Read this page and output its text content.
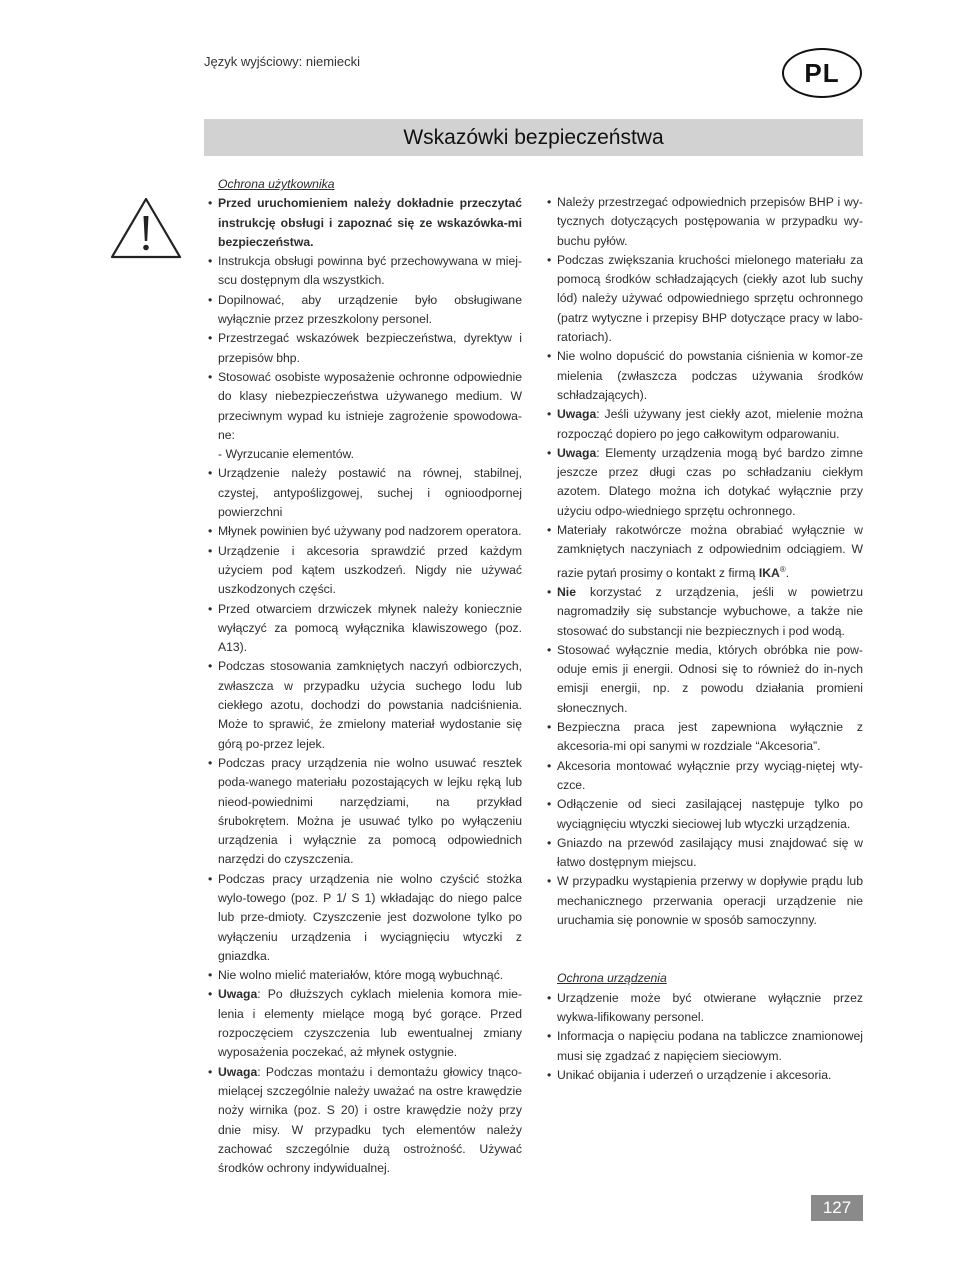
Język wyjściowy: niemiecki	PL
Wskazówki bezpieczeństwa
Ochrona użytkownika

• Przed uruchomieniem należy dokładnie przeczytać instrukcję obsługi i zapoznać się ze wskazówka-mi bezpieczeństwa.

• Instrukcja obsługi powinna być przechowywana w miej-scu dostępnym dla wszystkich.

• Dopilnować, aby urządzenie było obsługiwane wyłącznie przez przeszkolony personel.

• Przestrzegać wskazówek bezpieczeństwa, dyrektyw i przepisów bhp.

• Stosować osobiste wyposażenie ochronne odpowiednie do klasy niebezpieczeństwa używanego medium. W przeciwnym wypad ku istnieje zagrożenie spowodowa-ne:

- Wyrzucanie elementów.

• Urządzenie należy postawić na równej, stabilnej, czystej, antypoślizgowej, suchej i ognioodpornej powierzchni

• Młynek powinien być używany pod nadzorem operatora.

• Urządzenie i akcesoria sprawdzić przed każdym użyciem pod kątem uszkodzeń. Nigdy nie używać uszkodzonych części.

• Przed otwarciem drzwiczek młynek należy koniecznie wyłączyć za pomocą wyłącznika klawiszowego (poz. A13).

• Podczas stosowania zamkniętych naczyń odbiorczych, zwłaszcza w przypadku użycia suchego lodu lub ciekłego azotu, dochodzi do powstania nadciśnienia. Może to sprawić, że zmielony materiał wydostanie się górą po-przez lejek.

• Podczas pracy urządzenia nie wolno usuwać resztek poda-wanego materiału pozostających w lejku ręką lub nieod-powiednimi narzędziami, na przykład śrubokrętem. Można je usuwać tylko po wyłączeniu urządzenia i wyłącznie za pomocą odpowiednich narzędzi do czyszczenia.

• Podczas pracy urządzenia nie wolno czyścić stożka wylo-towego (poz. P 1/ S 1) wkładając do niego palce lub prze-dmioty. Czyszczenie jest dozwolone tylko po wyłączeniu urządzenia i wyciągnięciu wtyczki z gniazdka.

• Nie wolno mielić materiałów, które mogą wybuchnąć.

• Uwaga: Po dłuższych cyklach mielenia komora mie-lenia i elementy mielące mogą być gorące. Przed rozpoczęciem czyszczenia lub ewentualnej zmiany wyposażenia poczekać, aż młynek ostygnie.

• Uwaga: Podczas montażu i demontażu głowicy tnąco-mielącej szczególnie należy uważać na ostre krawędzie noży wirnika (poz. S 20) i ostre krawędzie noży przy dnie misy. W przypadku tych elementów należy zachować szczególnie dużą ostrożność. Używać środków ochrony indywidualnej.

• Należy przestrzegać odpowiednich przepisów BHP i wy-tycznych dotyczących postępowania w przypadku wy-buchu pyłów.

• Podczas zwiększania kruchości mielonego materiału za pomocą środków schładzających (ciekły azot lub suchy lód) należy używać odpowiedniego sprzętu ochronnego (patrz wytyczne i przepisy BHP dotyczące pracy w labo-ratoriach).

• Nie wolno dopuścić do powstania ciśnienia w komor-ze mielenia (zwłaszcza podczas używania środków schładzających).

• Uwaga: Jeśli używany jest ciekły azot, mielenie można rozpocząć dopiero po jego całkowitym odparowaniu.

• Uwaga: Elementy urządzenia mogą być bardzo zimne jeszcze przez długi czas po schładzaniu ciekłym azotem. Dlatego można ich dotykać wyłącznie przy użyciu odpo-wiedniego sprzętu ochronnego.

• Materiały rakotwórcze można obrabiać wyłącznie w zamkniętych naczyniach z odpowiednim odciągiem. W razie pytań prosimy o kontakt z firmą IKA®.

• Nie korzystać z urządzenia, jeśli w powietrzu nagromadziły się substancje wybuchowe, a także nie stosować do substancji nie bezpiecznych i pod wodą.

• Stosować wyłącznie media, których obróbka nie pow-oduje emis ji energii. Odnosi się to również do in-nych emisji energii, np. z powodu działania promieni słonecznych.

• Bezpieczna praca jest zapewniona wyłącznie z akcesoria-mi opi sanymi w rozdziale “Akcesoria”.

• Akcesoria montować wyłącznie przy wyciąg-niętej wty-czce.

• Odłączenie od sieci zasilającej następuje tylko po wyciągnięciu wtyczki sieciowej lub wtyczki urządzenia.

• Gniazdo na przewód zasilający musi znajdować się w łatwo dostępnym miejscu.

• W przypadku wystąpienia przerwy w dopływie prądu lub mechanicznego przerwania operacji urządzenie nie uruchamia się ponownie w sposób samoczynny.

Ochrona urządzenia

• Urządzenie może być otwierane wyłącznie przez wykwa-lifikowany personel.

• Informacja o napięciu podana na tabliczce znamionowej musi się zgadzać z napięciem sieciowym.

• Unikać obijania i uderzeń o urządzenie i akcesoria.

127
